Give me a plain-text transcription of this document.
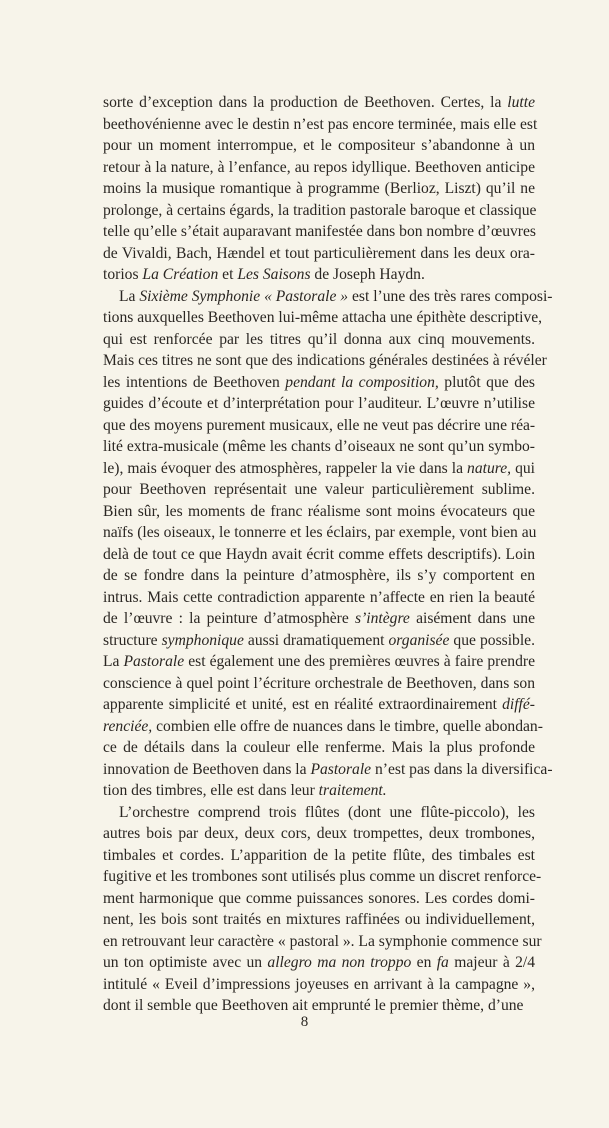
sorte d’exception dans la production de Beethoven. Certes, la lutte
beethovénienne avec le destin n’est pas encore terminée, mais elle est
pour un moment interrompue, et le compositeur s’abandonne à un
retour à la nature, à l’enfance, au repos idyllique. Beethoven anticipe
moins la musique romantique à programme (Berlioz, Liszt) qu’il ne
prolonge, à certains égards, la tradition pastorale baroque et classique
telle qu’elle s’était auparavant manifestée dans bon nombre d’œuvres
de Vivaldi, Bach, Hændel et tout particulièrement dans les deux ora-
torios La Création et Les Saisons de Joseph Haydn.

La Sixième Symphonie « Pastorale » est l’une des très rares composi-
tions auxquelles Beethoven lui-même attacha une épithète descriptive,
qui est renforcée par les titres qu’il donna aux cinq mouvements.
Mais ces titres ne sont que des indications générales destinées à révéler
les intentions de Beethoven pendant la composition, plutôt que des
guides d’écoute et d’interprétation pour l’auditeur. L’œuvre n’utilise
que des moyens purement musicaux, elle ne veut pas décrire une réa-
lité extra-musicale (même les chants d’oiseaux ne sont qu’un symbo-
le), mais évoquer des atmosphères, rappeler la vie dans la nature, qui
pour Beethoven représentait une valeur particulièrement sublime.
Bien sûr, les moments de franc réalisme sont moins évocateurs que
naïfs (les oiseaux, le tonnerre et les éclairs, par exemple, vont bien au
delà de tout ce que Haydn avait écrit comme effets descriptifs). Loin
de se fondre dans la peinture d’atmosphère, ils s’y comportent en
intrus. Mais cette contradiction apparente n’affecte en rien la beauté
de l’œuvre : la peinture d’atmosphère s’intègre aisément dans une
structure symphonique aussi dramatiquement organisée que possible.
La Pastorale est également une des premières œuvres à faire prendre
conscience à quel point l’écriture orchestrale de Beethoven, dans son
apparente simplicité et unité, est en réalité extraordinairement diffé-
renciée, combien elle offre de nuances dans le timbre, quelle abondan-
ce de détails dans la couleur elle renferme. Mais la plus profonde
innovation de Beethoven dans la Pastorale n’est pas dans la diversifica-
tion des timbres, elle est dans leur traitement.

L’orchestre comprend trois flûtes (dont une flûte-piccolo), les
autres bois par deux, deux cors, deux trompettes, deux trombones,
timbales et cordes. L’apparition de la petite flûte, des timbales est
fugitive et les trombones sont utilisés plus comme un discret renforce-
ment harmonique que comme puissances sonores. Les cordes domi-
nent, les bois sont traités en mixtures raffinées ou individuellement,
en retrouvant leur caractère « pastoral ». La symphonie commence sur
un ton optimiste avec un allegro ma non troppo en fa majeur à 2/4
intitulé « Eveil d’impressions joyeuses en arrivant à la campagne »,
dont il semble que Beethoven ait emprunté le premier thème, d’une

8
